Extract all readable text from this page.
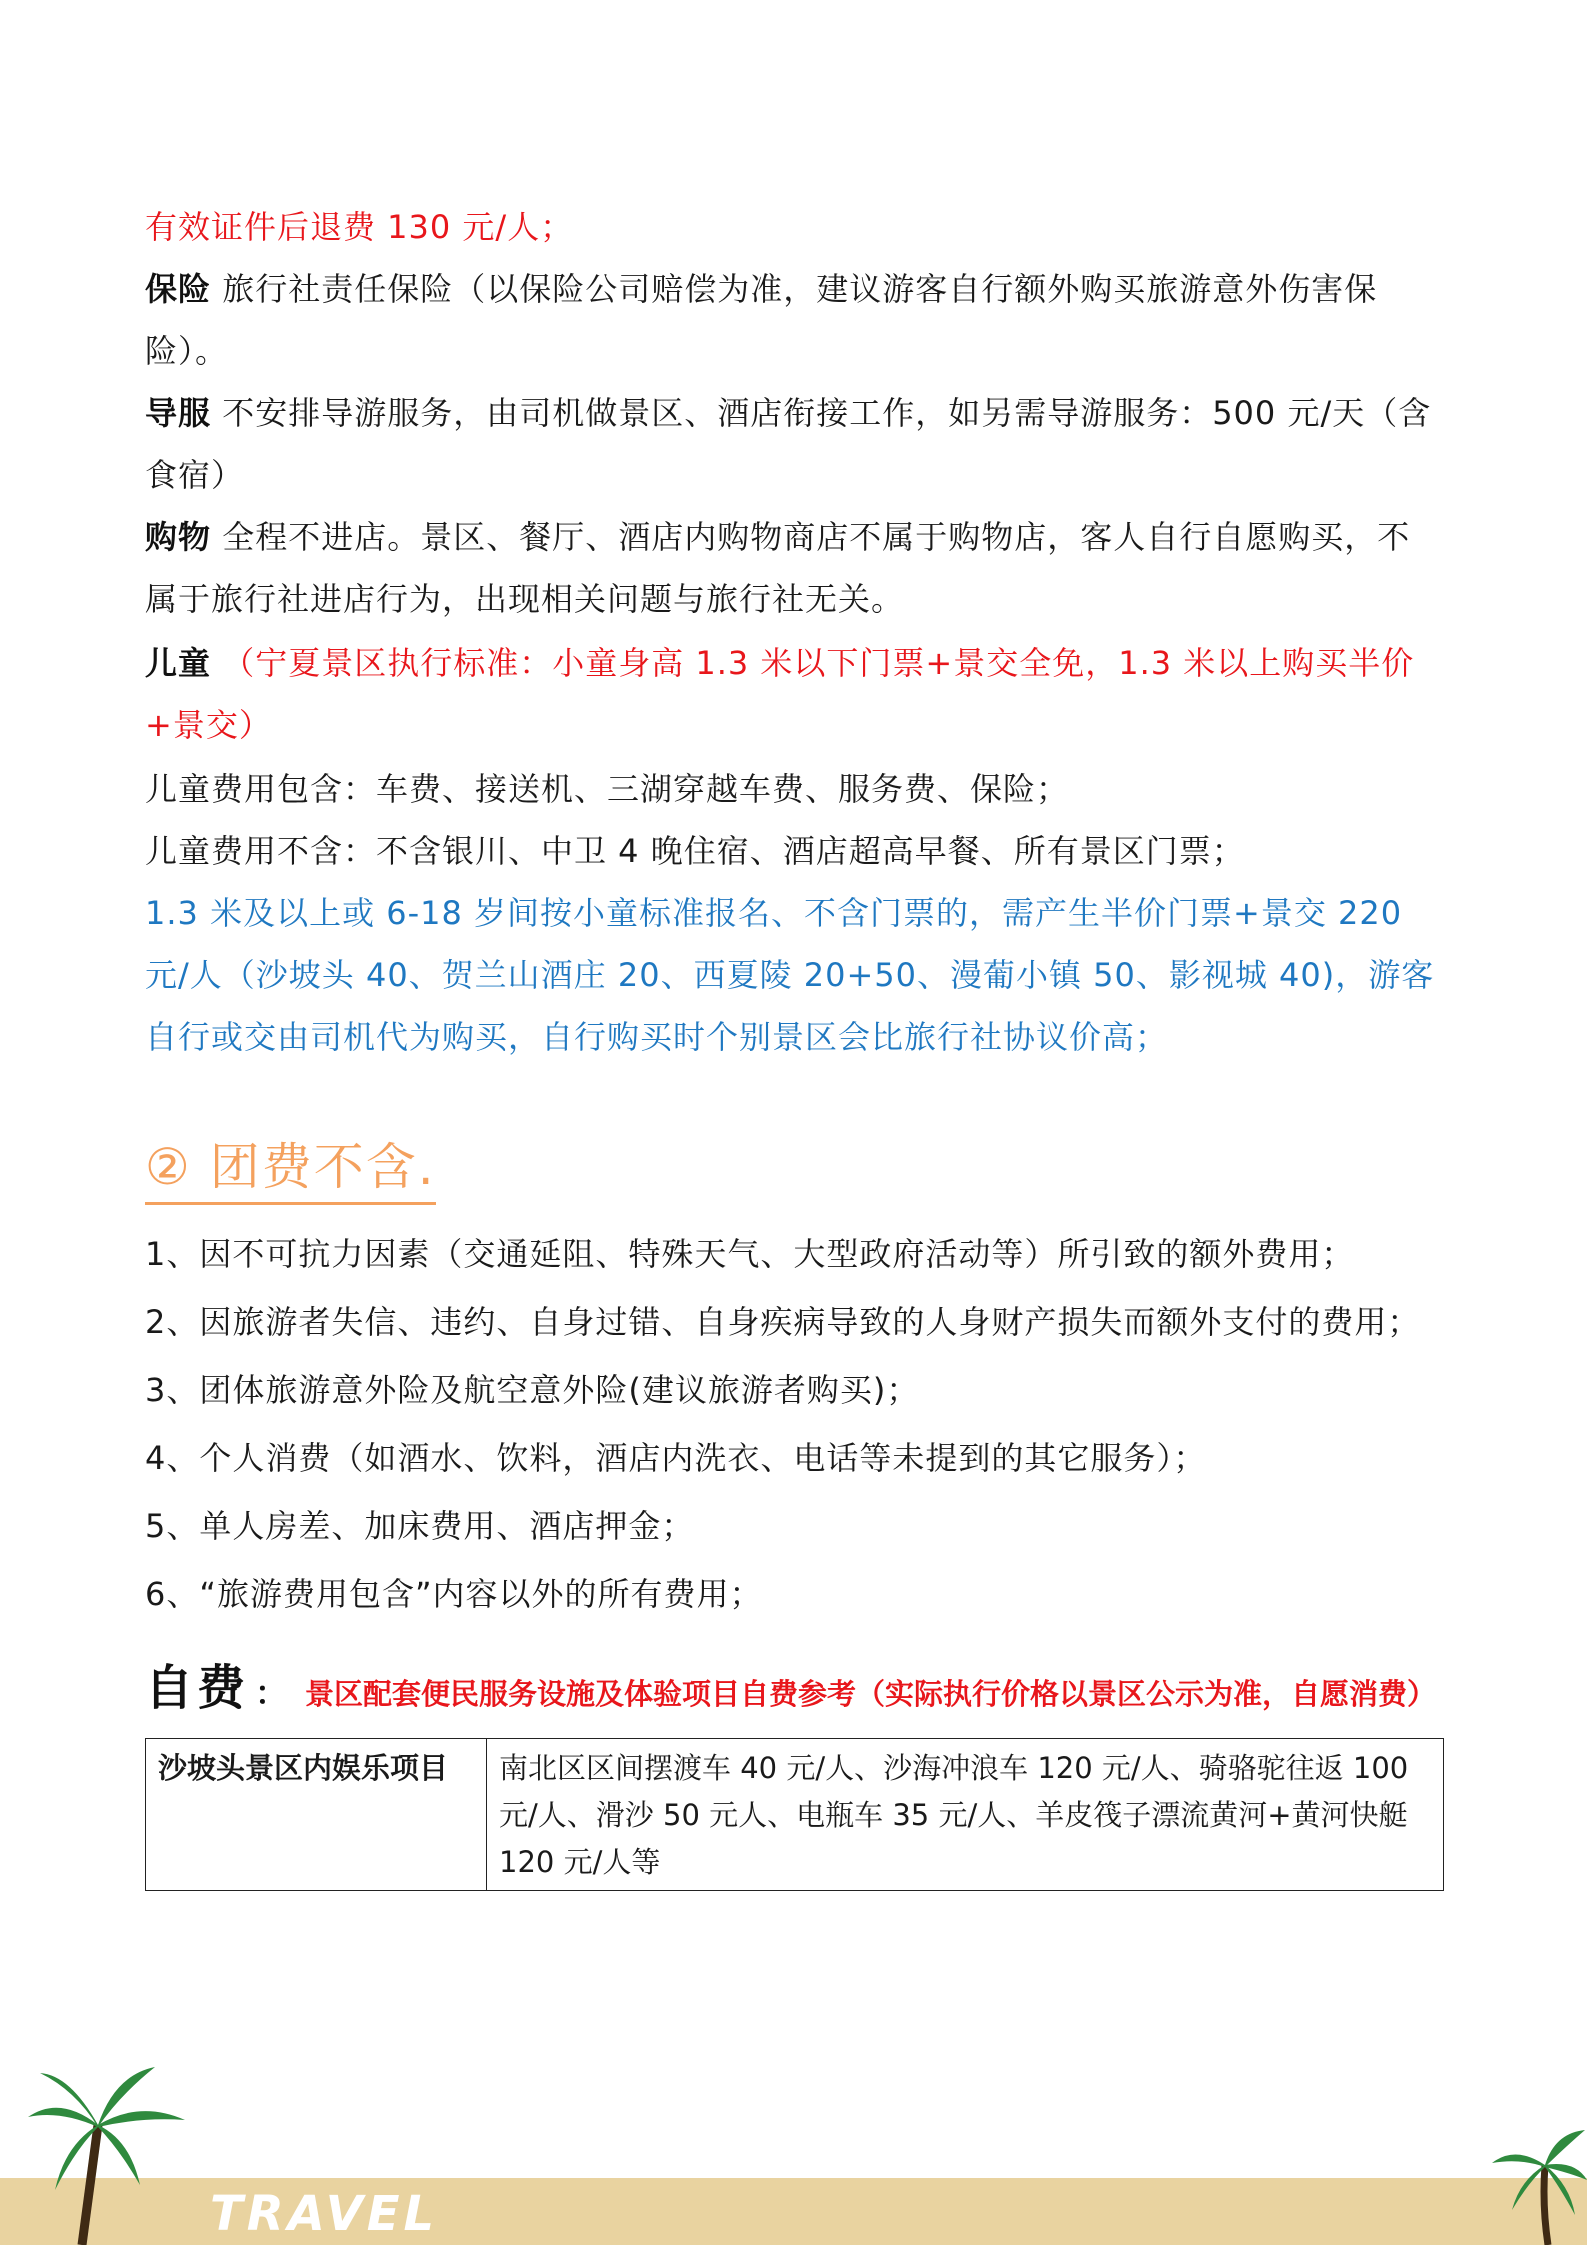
有效证件后退费 130 元/人；

保险 旅行社责任保险（以保险公司赔偿为准，建议游客自行额外购买旅游意外伤害保险）。

导服 不安排导游服务，由司机做景区、酒店衔接工作，如另需导游服务：500 元/天（含食宿）

购物 全程不进店。景区、餐厅、酒店内购物商店不属于购物店，客人自行自愿购买，不属于旅行社进店行为，出现相关问题与旅行社无关。

儿童 （宁夏景区执行标准：小童身高 1.3 米以下门票+景交全免，1.3 米以上购买半价+景交）

儿童费用包含：车费、接送机、三湖穿越车费、服务费、保险；

儿童费用不含：不含银川、中卫 4 晚住宿、酒店超高早餐、所有景区门票；

1.3 米及以上或 6-18 岁间按小童标准报名、不含门票的，需产生半价门票+景交 220 元/人（沙坡头 40、贺兰山酒庄 20、西夏陵 20+50、漫葡小镇 50、影视城 40)，游客自行或交由司机代为购买，自行购买时个别景区会比旅行社协议价高；

② 团费不含.

1、因不可抗力因素（交通延阻、特殊天气、大型政府活动等）所引致的额外费用；

2、因旅游者失信、违约、自身过错、自身疾病导致的人身财产损失而额外支付的费用；

3、团体旅游意外险及航空意外险(建议旅游者购买)；

4、个人消费（如酒水、饮料，酒店内洗衣、电话等未提到的其它服务）；

5、单人房差、加床费用、酒店押金；

6、“旅游费用包含”内容以外的所有费用；

自费 ： 景区配套便民服务设施及体验项目自费参考（实际执行价格以景区公示为准，自愿消费）
沙坡头景区内娱乐项目	南北区区间摆渡车 40 元/人、沙海冲浪车 120 元/人、骑骆驼往返 100 元/人、滑沙 50 元人、电瓶车 35 元/人、羊皮筏子漂流黄河+黄河快艇 120 元/人等
TRAVEL
